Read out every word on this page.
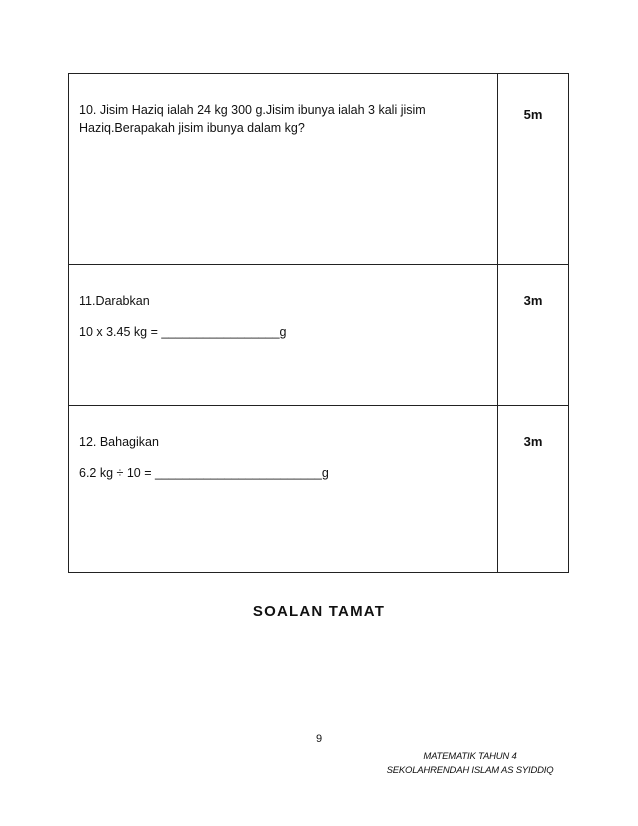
10. Jisim Haziq ialah 24 kg 300 g.Jisim ibunya ialah 3 kali jisim
Haziq.Berapakah jisim ibunya dalam kg?	5m

11.Darabkan

10 x 3.45 kg = _________________g	3m

12. Bahagikan

6.2 kg ÷ 10 = ________________________g	3m
SOALAN TAMAT
9
MATEMATIK TAHUN 4
SEKOLAHRENDAH ISLAM AS SYIDDIQ
